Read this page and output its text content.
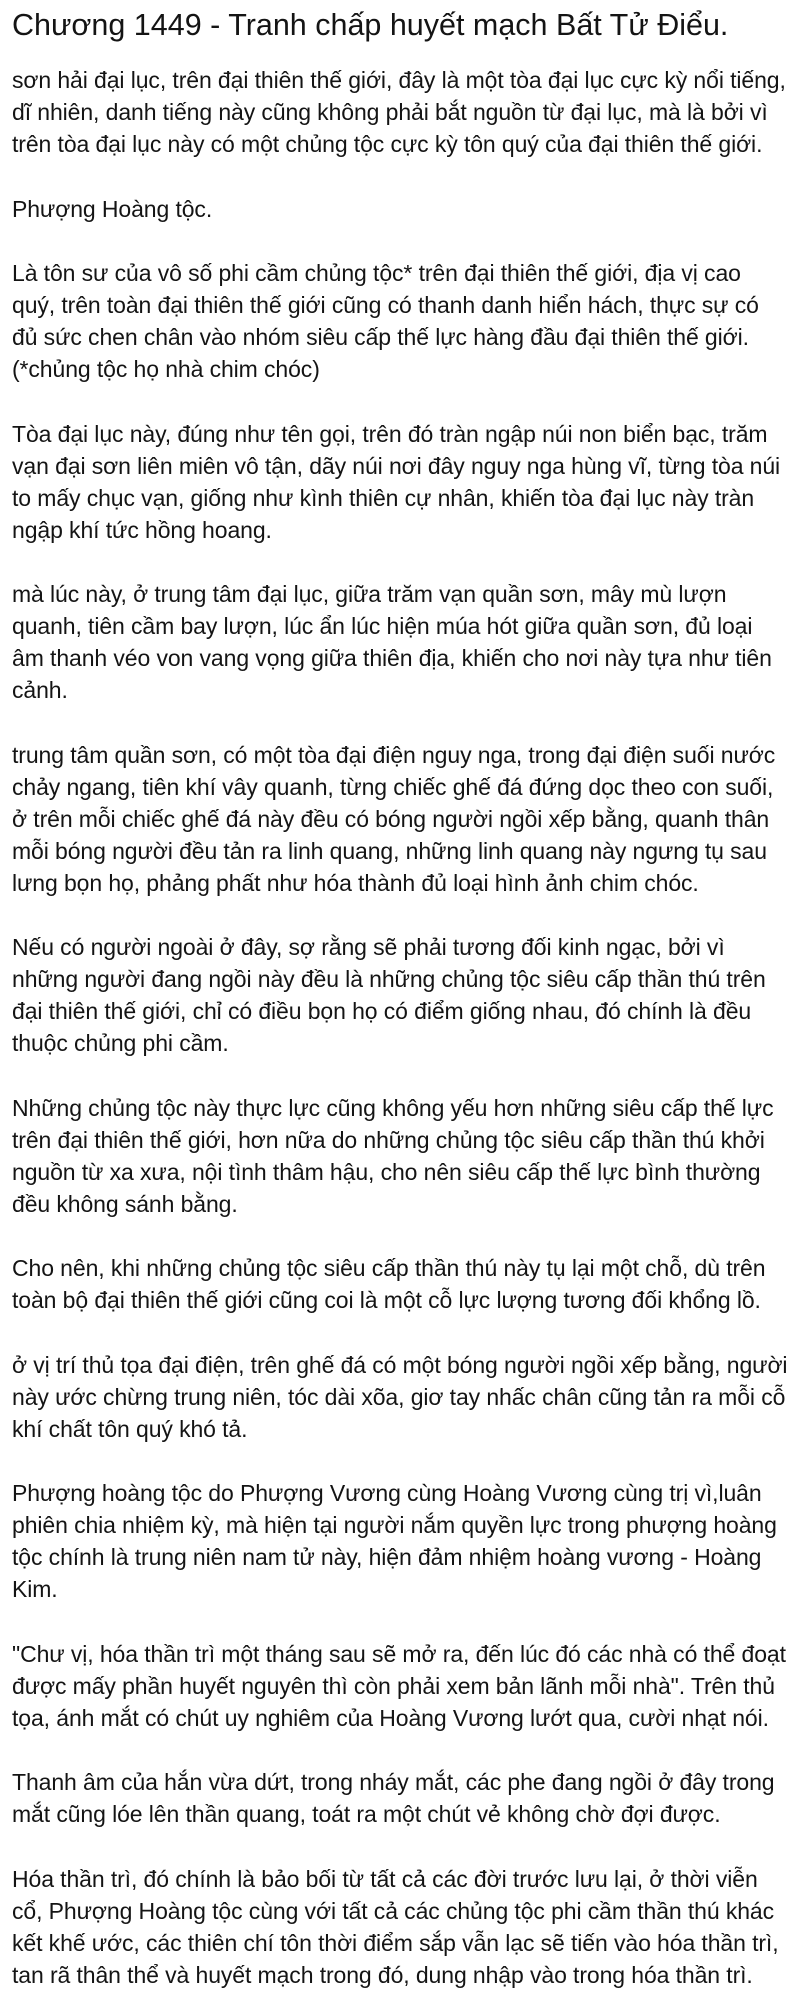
Chương 1449 - Tranh chấp huyết mạch Bất Tử Điểu.

sơn hải đại lục, trên đại thiên thế giới, đây là một tòa đại lục cực kỳ nổi tiếng, dĩ nhiên, danh tiếng này cũng không phải bắt nguồn từ đại lục, mà là bởi vì trên tòa đại lục này có một chủng tộc cực kỳ tôn quý của đại thiên thế giới.

Phượng Hoàng tộc.

Là tôn sư của vô số phi cầm chủng tộc* trên đại thiên thế giới, địa vị cao quý, trên toàn đại thiên thế giới cũng có thanh danh hiển hách, thực sự có đủ sức chen chân vào nhóm siêu cấp thế lực hàng đầu đại thiên thế giới. (*chủng tộc họ nhà chim chóc)

Tòa đại lục này, đúng như tên gọi, trên đó tràn ngập núi non biển bạc, trăm vạn đại sơn liên miên vô tận, dãy núi nơi đây nguy nga hùng vĩ, từng tòa núi to mấy chục vạn, giống như kình thiên cự nhân, khiến tòa đại lục này tràn ngập khí tức hồng hoang.

mà lúc này, ở trung tâm đại lục, giữa trăm vạn quần sơn, mây mù lượn quanh, tiên cầm bay lượn, lúc ẩn lúc hiện múa hót giữa quần sơn, đủ loại âm thanh véo von vang vọng giữa thiên địa, khiến cho nơi này tựa như tiên cảnh.

trung tâm quần sơn, có một tòa đại điện nguy nga, trong đại điện suối nước chảy ngang, tiên khí vây quanh, từng chiếc ghế đá đứng dọc theo con suối, ở trên mỗi chiếc ghế đá này đều có bóng người ngồi xếp bằng, quanh thân mỗi bóng người đều tản ra linh quang, những linh quang này ngưng tụ sau lưng bọn họ, phảng phất như hóa thành đủ loại hình ảnh chim chóc.

Nếu có người ngoài ở đây, sợ rằng sẽ phải tương đối kinh ngạc, bởi vì những người đang ngồi này đều là những chủng tộc siêu cấp thần thú trên đại thiên thế giới, chỉ có điều bọn họ có điểm giống nhau, đó chính là đều thuộc chủng phi cầm.

Những chủng tộc này thực lực cũng không yếu hơn những siêu cấp thế lực trên đại thiên thế giới, hơn nữa do những chủng tộc siêu cấp thần thú khởi nguồn từ xa xưa, nội tình thâm hậu, cho nên siêu cấp thế lực bình thường đều không sánh bằng.

Cho nên, khi những chủng tộc siêu cấp thần thú này tụ lại một chỗ, dù trên toàn bộ đại thiên thế giới cũng coi là một cỗ lực lượng tương đối khổng lồ.

ở vị trí thủ tọa đại điện, trên ghế đá có một bóng người ngồi xếp bằng, người này ước chừng trung niên, tóc dài xõa, giơ tay nhấc chân cũng tản ra mỗi cỗ khí chất tôn quý khó tả.

Phượng hoàng tộc do Phượng Vương cùng Hoàng Vương cùng trị vì,luân phiên chia nhiệm kỳ, mà hiện tại người nắm quyền lực trong phượng hoàng tộc chính là trung niên nam tử này, hiện đảm nhiệm hoàng vương - Hoàng Kim.

"Chư vị, hóa thần trì một tháng sau sẽ mở ra, đến lúc đó các nhà có thể đoạt được mấy phần huyết nguyên thì còn phải xem bản lãnh mỗi nhà". Trên thủ tọa, ánh mắt có chút uy nghiêm của Hoàng Vương lướt qua, cười nhạt nói.

Thanh âm của hắn vừa dứt, trong nháy mắt, các phe đang ngồi ở đây trong mắt cũng lóe lên thần quang, toát ra một chút vẻ không chờ đợi được.

Hóa thần trì, đó chính là bảo bối từ tất cả các đời trước lưu lại, ở thời viễn cổ, Phượng Hoàng tộc cùng với tất cả các chủng tộc phi cầm thần thú khác kết khế ước, các thiên chí tôn thời điểm sắp vẫn lạc sẽ tiến vào hóa thần trì, tan rã thân thể và huyết mạch trong đó, dung nhập vào trong hóa thần trì.
